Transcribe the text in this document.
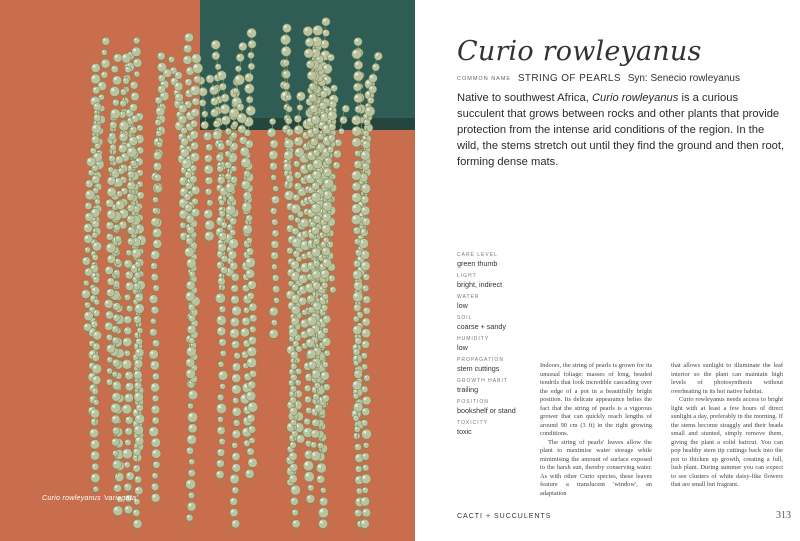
Curio rowleyanus 'variegata'
Curio rowleyanus
COMMON NAME STRING OF PEARLS Syn: Senecio rowleyanus
Native to southwest Africa, Curio rowleyanus is a curious succulent that grows between rocks and other plants that provide protection from the intense arid conditions of the region. In the wild, the stems stretch out until they find the ground and then root, forming dense mats.
CARE LEVEL
green thumb
LIGHT
bright, indirect
WATER
low
SOIL
coarse + sandy
HUMIDITY
low
PROPAGATION
stem cuttings
GROWTH HABIT
trailing
POSITION
bookshelf or stand
TOXICITY
toxic

Indoors, the string of pearls is grown for its unusual foliage: masses of long, beaded tendrils that look incredible cascading over the edge of a pot in a beautifully bright position. Its delicate appearance belies the fact that the string of pearls is a vigorous grower that can quickly reach lengths of around 90 cm (3 ft) in the right growing conditions.

The string of pearls' leaves allow the plant to maximise water storage while minimising the amount of surface exposed to the harsh sun, thereby conserving water. As with other Curio species, these leaves feature a translucent 'window', an adaptation

that allows sunlight to illuminate the leaf interior so the plant can maintain high levels of photosynthesis without overheating in its hot native habitat.

Curio rowleyanus needs access to bright light with at least a few hours of direct sunlight a day, preferably in the morning. If the stems become straggly and their beads small and stunted, simply remove them, giving the plant a solid haircut. You can pop healthy stem tip cuttings back into the pot to thicken up growth, creating a full, lush plant. During summer you can expect to see clusters of white daisy-like flowers that are small but fragrant.

CACTI + SUCCULENTS	313
